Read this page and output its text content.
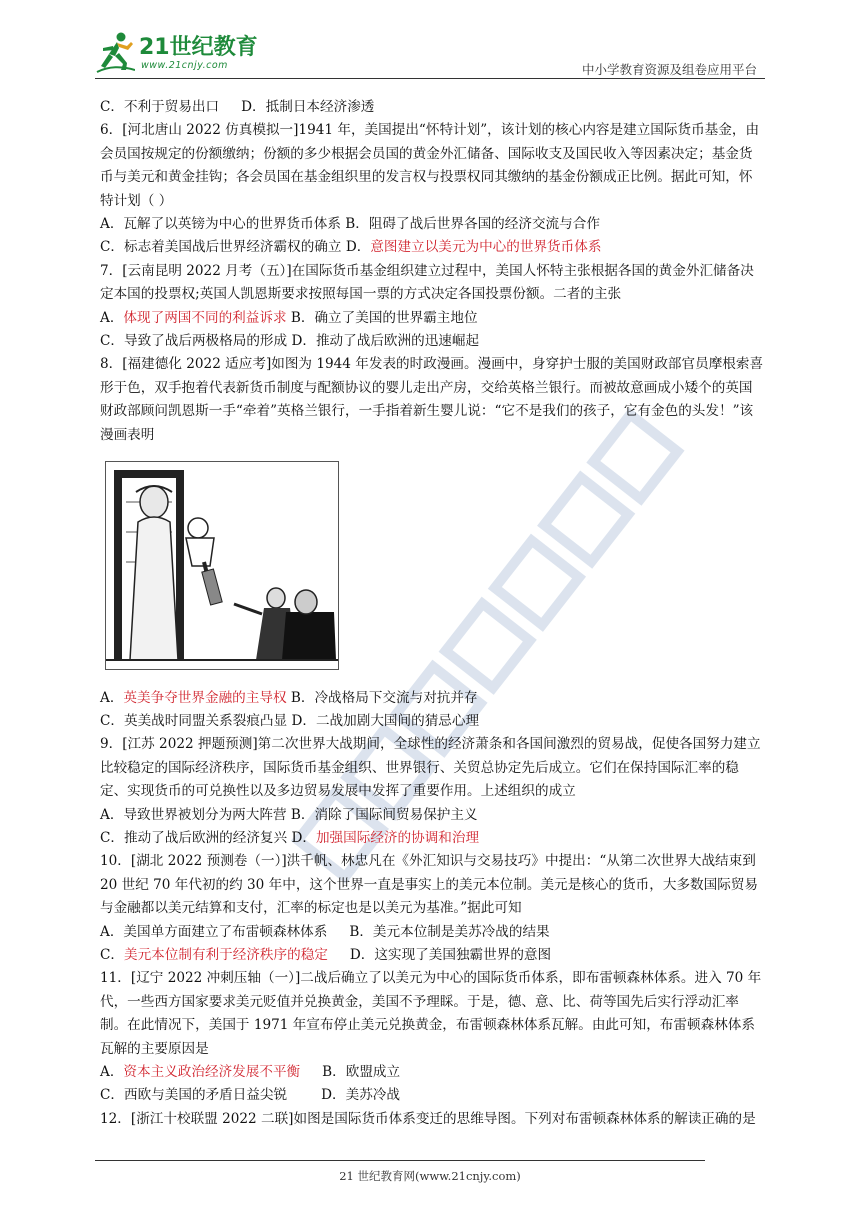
21世纪教育
www.21cnjy.com	中小学教育资源及组卷应用平台

C．不利于贸易出口 D．抵制日本经济渗透

6．[河北唐山 2022 仿真模拟一]1941 年，美国提出“怀特计划”，该计划的核心内容是建立国际货币基金，由会员国按规定的份额缴纳；份额的多少根据会员国的黄金外汇储备、国际收支及国民收入等因素决定；基金货币与美元和黄金挂钩；各会员国在基金组织里的发言权与投票权同其缴纳的基金份额成正比例。据此可知，怀特计划（ ）

A．瓦解了以英镑为中心的世界货币体系 B．阻碍了战后世界各国的经济交流与合作

C．标志着美国战后世界经济霸权的确立 D．意图建立以美元为中心的世界货币体系

7．[云南昆明 2022 月考（五）]在国际货币基金组织建立过程中，美国人怀特主张根据各国的黄金外汇储备决定本国的投票权;英国人凯恩斯要求按照每国一票的方式决定各国投票份额。二者的主张

A．体现了两国不同的利益诉求 B．确立了美国的世界霸主地位

C．导致了战后两极格局的形成 D．推动了战后欧洲的迅速崛起

8．[福建德化 2022 适应考]如图为 1944 年发表的时政漫画。漫画中，身穿护士服的美国财政部官员摩根索喜形于色，双手抱着代表新货币制度与配额协议的婴儿走出产房，交给英格兰银行。而被故意画成小矮个的英国财政部顾问凯恩斯一手“牵着”英格兰银行，一手指着新生婴儿说：“它不是我们的孩子，它有金色的头发！”该漫画表明

A．英美争夺世界金融的主导权 B．冷战格局下交流与对抗并存

C．英美战时同盟关系裂痕凸显 D．二战加剧大国间的猜忌心理

9．[江苏 2022 押题预测]第二次世界大战期间，全球性的经济萧条和各国间激烈的贸易战，促使各国努力建立比较稳定的国际经济秩序，国际货币基金组织、世界银行、关贸总协定先后成立。它们在保持国际汇率的稳定、实现货币的可兑换性以及多边贸易发展中发挥了重要作用。上述组织的成立

A．导致世界被划分为两大阵营 B．消除了国际间贸易保护主义

C．推动了战后欧洲的经济复兴 D．加强国际经济的协调和治理

10．[湖北 2022 预测卷（一）]洪千帆、林忠凡在《外汇知识与交易技巧》中提出：“从第二次世界大战结束到 20 世纪 70 年代初的约 30 年中，这个世界一直是事实上的美元本位制。美元是核心的货币，大多数国际贸易与金融都以美元结算和支付，汇率的标定也是以美元为基准。”据此可知

A．美国单方面建立了布雷顿森林体系 B．美元本位制是美苏冷战的结果

C．美元本位制有利于经济秩序的稳定 D．这实现了美国独霸世界的意图

11．[辽宁 2022 冲刺压轴（一）]二战后确立了以美元为中心的国际货币体系，即布雷顿森林体系。进入 70 年代，一些西方国家要求美元贬值并兑换黄金，美国不予理睬。于是，德、意、比、荷等国先后实行浮动汇率制。在此情况下，美国于 1971 年宣布停止美元兑换黄金，布雷顿森林体系瓦解。由此可知，布雷顿森林体系瓦解的主要原因是

A．资本主义政治经济发展不平衡 B．欧盟成立

C．西欧与美国的矛盾日益尖锐	D．美苏冷战

12．[浙江十校联盟 2022 二联]如图是国际货币体系变迁的思维导图。下列对布雷顿森林体系的解读正确的是

21 世纪教育网(www.21cnjy.com)
